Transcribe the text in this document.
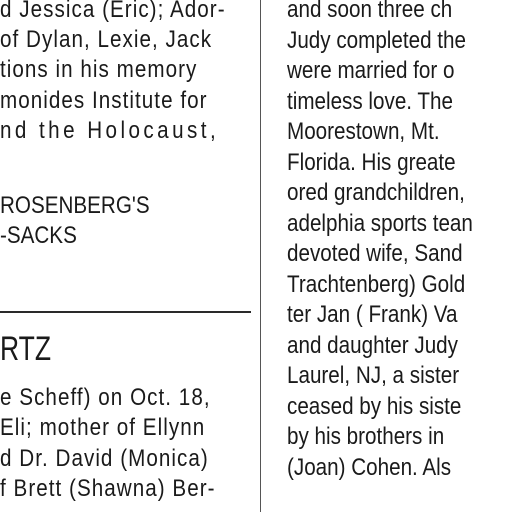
d Jessica (Eric); Ador-
of Dylan, Lexie, Jack
tions in his memory
monides Institute for
nd the Holocaust,
ROSENBERG'S
-SACKS
RTZ
e Scheff) on Oct. 18,
Eli; mother of Ellynn
d Dr. David (Monica)
f Brett (Shawna) Ber-
and soon three ch
Judy completed the
were married for o
timeless love. The
Moorestown, Mt.
Florida. His greate
ored grandchildren,
adelphia sports tean
devoted wife, Sand
Trachtenberg) Gold
ter Jan ( Frank) Va
and daughter Judy
Laurel, NJ, a sister
ceased by his siste
by his brothers in
(Joan) Cohen. Als
